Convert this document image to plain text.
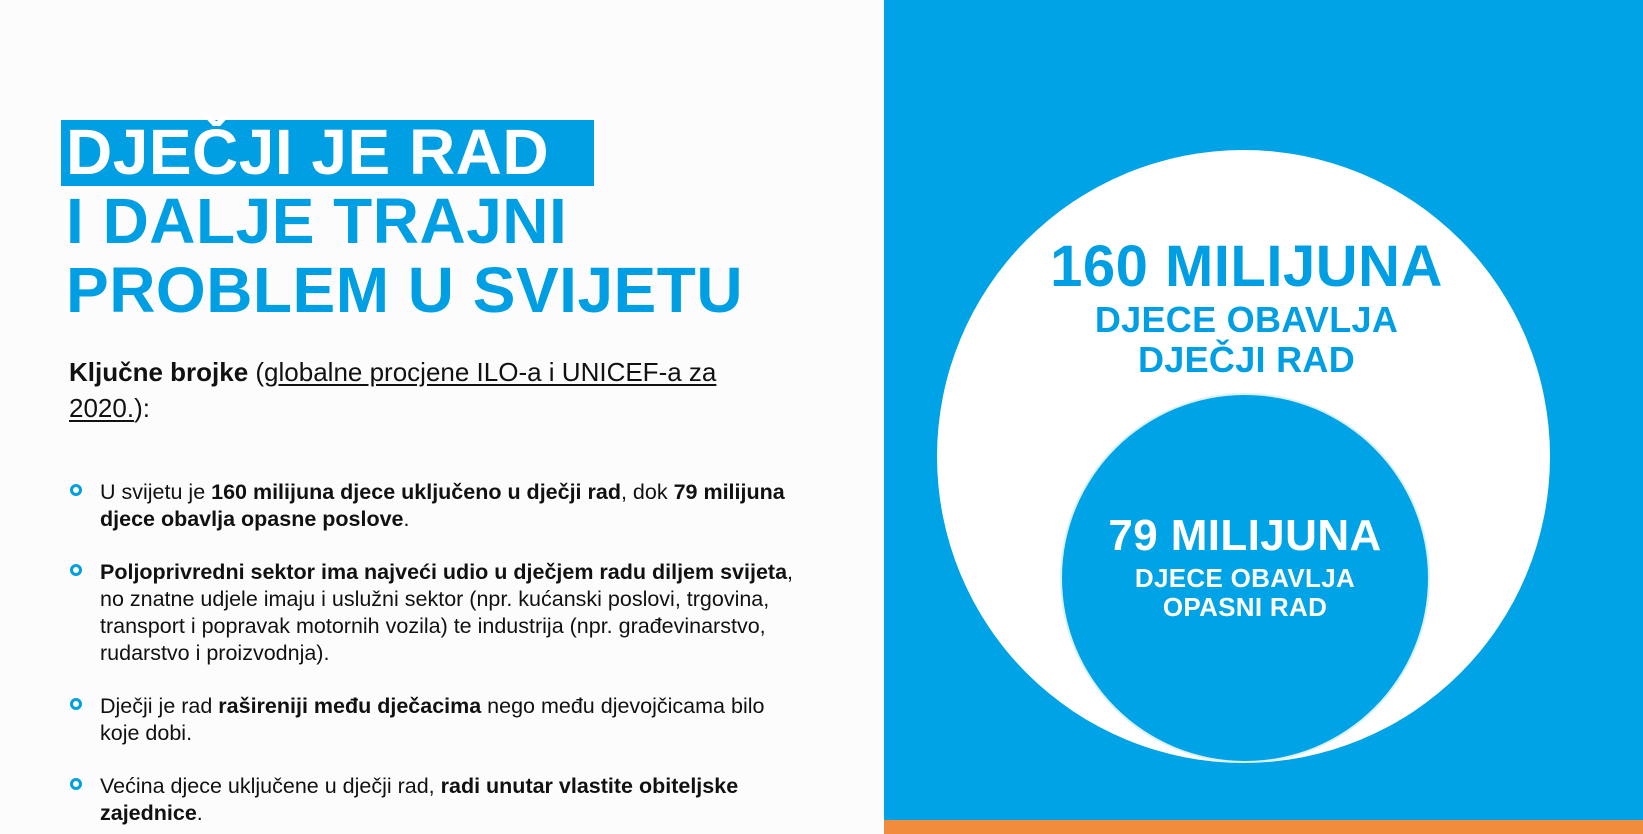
DJEČJI JE RAD
I DALJE TRAJNI
PROBLEM U SVIJETU

Ključne brojke (globalne procjene ILO-a i UNICEF-a za 2020.):

U svijetu je 160 milijuna djece uključeno u dječji rad, dok 79 milijuna djece obavlja opasne poslove.
Poljoprivredni sektor ima najveći udio u dječjem radu diljem svijeta, no znatne udjele imaju i uslužni sektor (npr. kućanski poslovi, trgovina, transport i popravak motornih vozila) te industrija (npr. građevinarstvo, rudarstvo i proizvodnja).
Dječji je rad rašireniji među dječacima nego među djevojčicama bilo koje dobi.
Većina djece uključene u dječji rad, radi unutar vlastite obiteljske zajednice.
160 MILIJUNA
DJECE OBAVLJA DJEČJI RAD
79 MILIJUNA
DJECE OBAVLJA OPASNI RAD
